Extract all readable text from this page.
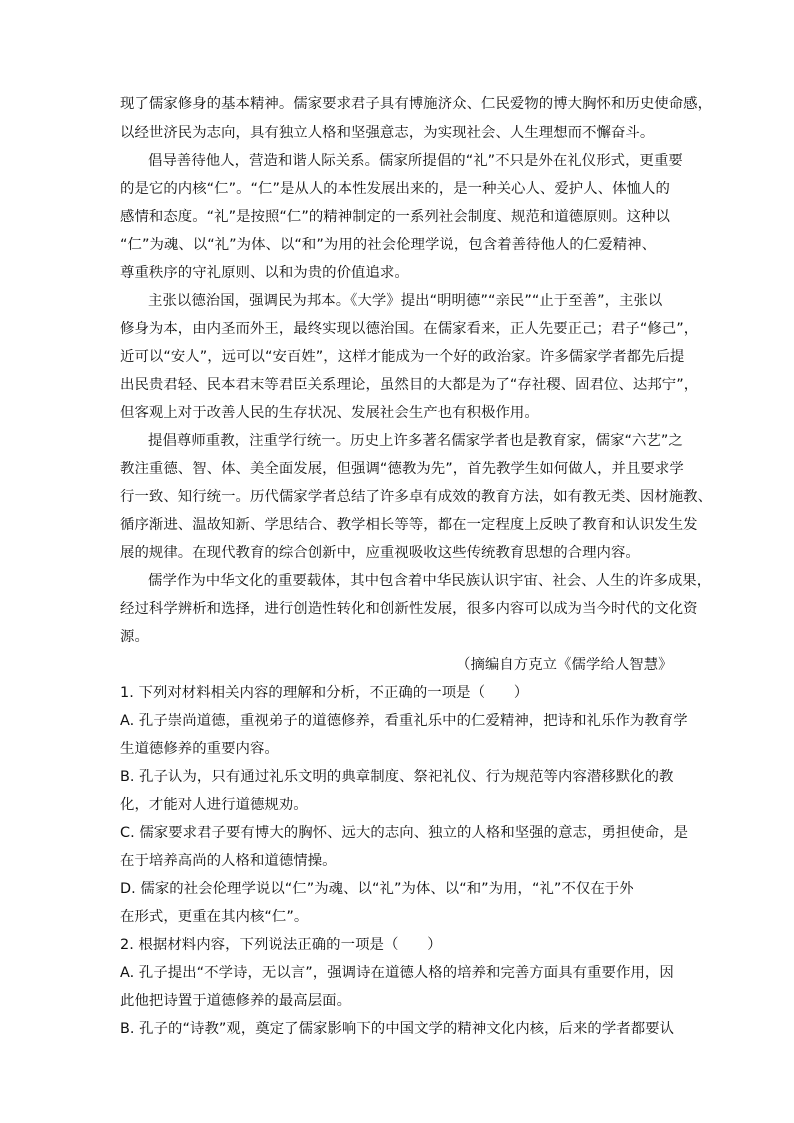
现了儒家修身的基本精神。儒家要求君子具有博施济众、仁民爱物的博大胸怀和历史使命感，
以经世济民为志向，具有独立人格和坚强意志，为实现社会、人生理想而不懈奋斗。
倡导善待他人，营造和谐人际关系。儒家所提倡的“礼”不只是外在礼仪形式，更重要
的是它的内核“仁”。“仁”是从人的本性发展出来的，是一种关心人、爱护人、体恤人的
感情和态度。“礼”是按照“仁”的精神制定的一系列社会制度、规范和道德原则。这种以
“仁”为魂、以“礼”为体、以“和”为用的社会伦理学说，包含着善待他人的仁爱精神、
尊重秩序的守礼原则、以和为贵的价值追求。
主张以德治国，强调民为邦本。《大学》提出“明明德”“亲民”“止于至善”，主张以
修身为本，由内圣而外王，最终实现以德治国。在儒家看来，正人先要正己；君子“修己”，
近可以“安人”，远可以“安百姓”，这样才能成为一个好的政治家。许多儒家学者都先后提
出民贵君轻、民本君末等君臣关系理论，虽然目的大都是为了“存社稷、固君位、达邦宁”，
但客观上对于改善人民的生存状况、发展社会生产也有积极作用。
提倡尊师重教，注重学行统一。历史上许多著名儒家学者也是教育家，儒家“六艺”之
教注重德、智、体、美全面发展，但强调“德教为先”，首先教学生如何做人，并且要求学
行一致、知行统一。历代儒家学者总结了许多卓有成效的教育方法，如有教无类、因材施教、
循序渐进、温故知新、学思结合、教学相长等等，都在一定程度上反映了教育和认识发生发
展的规律。在现代教育的综合创新中，应重视吸收这些传统教育思想的合理内容。
儒学作为中华文化的重要载体，其中包含着中华民族认识宇宙、社会、人生的许多成果，
经过科学辨析和选择，进行创造性转化和创新性发展，很多内容可以成为当今时代的文化资
源。
（摘编自方克立《儒学给人智慧》
1. 下列对材料相关内容的理解和分析，不正确的一项是（　　）
A. 孔子崇尚道德，重视弟子的道德修养，看重礼乐中的仁爱精神，把诗和礼乐作为教育学
生道德修养的重要内容。
B. 孔子认为，只有通过礼乐文明的典章制度、祭祀礼仪、行为规范等内容潜移默化的教
化，才能对人进行道德规劝。
C. 儒家要求君子要有博大的胸怀、远大的志向、独立的人格和坚强的意志，勇担使命，是
在于培养高尚的人格和道德情操。
D. 儒家的社会伦理学说以“仁”为魂、以“礼”为体、以“和”为用，“礼”不仅在于外
在形式，更重在其内核“仁”。
2. 根据材料内容，下列说法正确的一项是（　　）
A. 孔子提出“不学诗，无以言”，强调诗在道德人格的培养和完善方面具有重要作用，因
此他把诗置于道德修养的最高层面。
B. 孔子的“诗教”观，奠定了儒家影响下的中国文学的精神文化内核，后来的学者都要认
